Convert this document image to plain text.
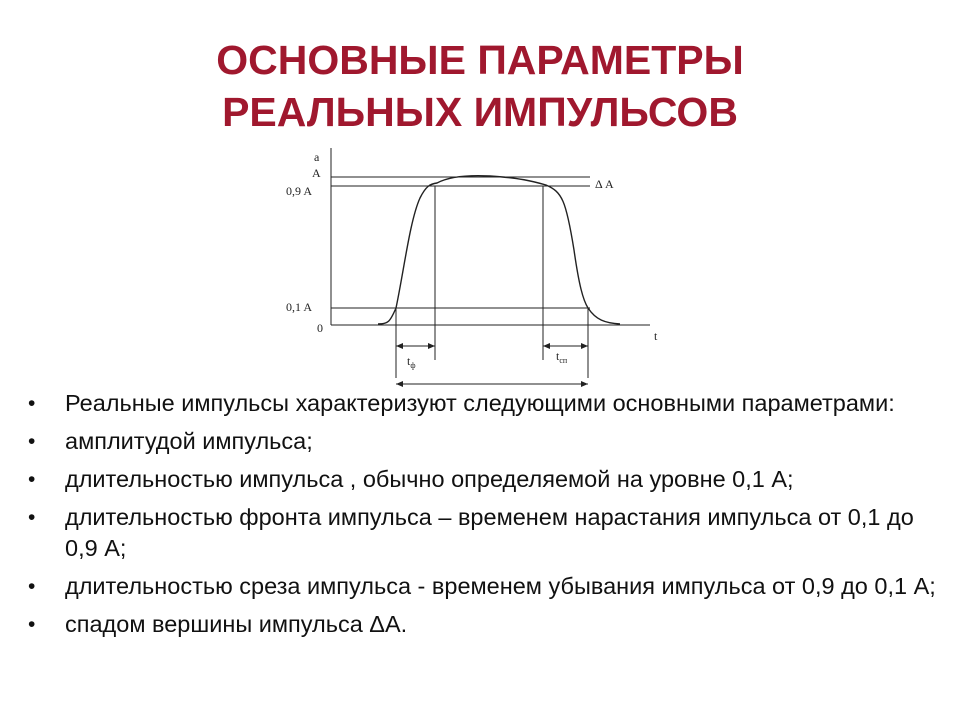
ОСНОВНЫЕ ПАРАМЕТРЫ
РЕАЛЬНЫХ ИМПУЛЬСОВ
a
A
0,9 A
0,1 A
0
t
Δ A
$t_ф$
$t_{сп}$
• Реальные импульсы характеризуют следующими основными параметрами:
• амплитудой импульса;
• длительностью импульса , обычно определяемой на уровне 0,1 А;
• длительностью фронта импульса – временем нарастания импульса от 0,1 до 0,9 А;
• длительностью среза импульса - временем убывания импульса от 0,9 до 0,1 А;
• спадом вершины импульса ΔА.
